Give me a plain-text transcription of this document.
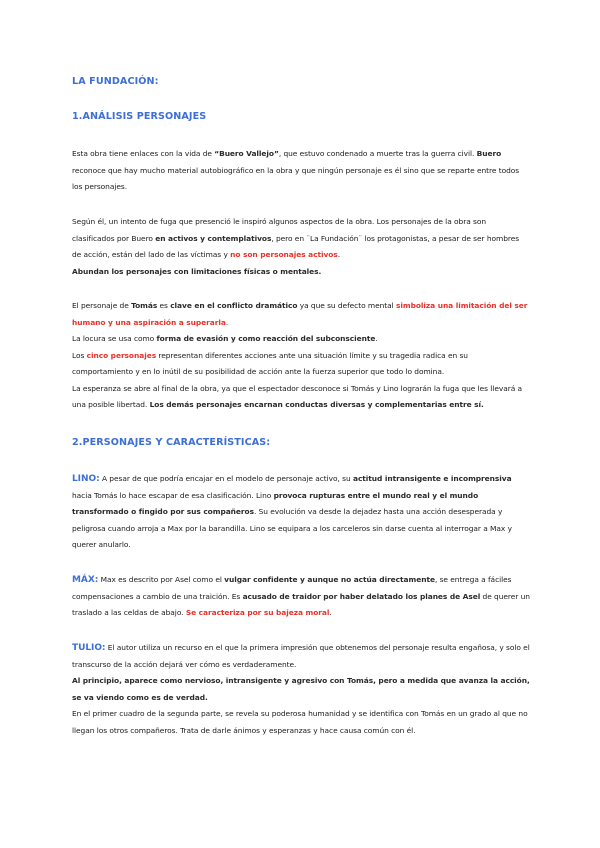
LA FUNDACIÓN:
1.ANÁLISIS PERSONAJES

Esta obra tiene enlaces con la vida de “Buero Vallejo”, que estuvo condenado a muerte tras la guerra civil. Buero reconoce que hay mucho material autobiográfico en la obra y que ningún personaje es él sino que se reparte entre todos los personajes.

Según él, un intento de fuga que presenció le inspiró algunos aspectos de la obra. Los personajes de la obra son clasificados por Buero en activos y contemplativos, pero en ¨La Fundación¨ los protagonistas, a pesar de ser hombres de acción, están del lado de las víctimas y no son personajes activos.

Abundan los personajes con limitaciones físicas o mentales.

El personaje de Tomás es clave en el conflicto dramático ya que su defecto mental simboliza una limitación del ser humano y una aspiración a superarla.

La locura se usa como forma de evasión y como reacción del subconsciente.

Los cinco personajes representan diferentes acciones ante una situación límite y su tragedia radica en su comportamiento y en lo inútil de su posibilidad de acción ante la fuerza superior que todo lo domina.

La esperanza se abre al final de la obra, ya que el espectador desconoce si Tomás y Lino lograrán la fuga que les llevará a una posible libertad. Los demás personajes encarnan conductas diversas y complementarias entre sí.

2.PERSONAJES Y CARACTERÍSTICAS:

LINO: A pesar de que podría encajar en el modelo de personaje activo, su actitud intransigente e incomprensiva hacia Tomás lo hace escapar de esa clasificación. Lino provoca rupturas entre el mundo real y el mundo transformado o fingido por sus compañeros. Su evolución va desde la dejadez hasta una acción desesperada y peligrosa cuando arroja a Max por la barandilla. Lino se equipara a los carceleros sin darse cuenta al interrogar a Max y querer anularlo.

MÁX: Max es descrito por Asel como el vulgar confidente y aunque no actúa directamente, se entrega a fáciles compensaciones a cambio de una traición. Es acusado de traidor por haber delatado los planes de Asel de querer un traslado a las celdas de abajo. Se caracteriza por su bajeza moral.

TULIO: El autor utiliza un recurso en el que la primera impresión que obtenemos del personaje resulta engañosa, y solo el transcurso de la acción dejará ver cómo es verdaderamente.

Al principio, aparece como nervioso, intransigente y agresivo con Tomás, pero a medida que avanza la acción, se va viendo como es de verdad.

En el primer cuadro de la segunda parte, se revela su poderosa humanidad y se identifica con Tomás en un grado al que no llegan los otros compañeros. Trata de darle ánimos y esperanzas y hace causa común con él.
